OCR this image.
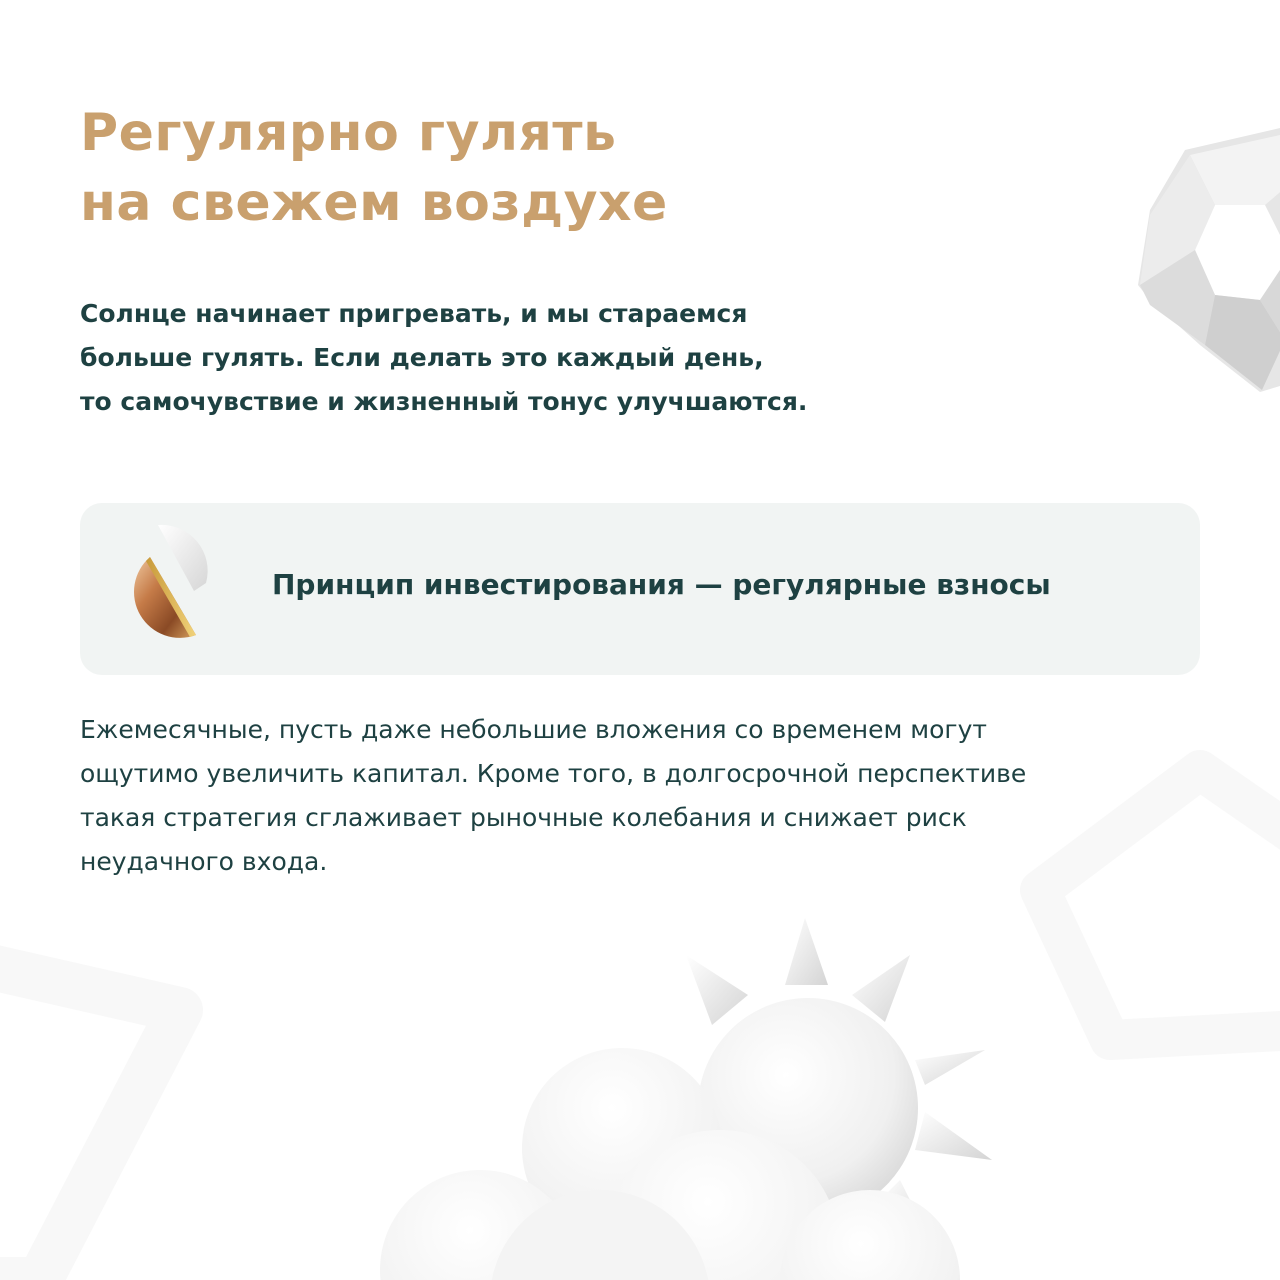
Регулярно гулять
на свежем воздухе

Солнце начинает пригревать, и мы стараемся
больше гулять. Если делать это каждый день,
то самочувствие и жизненный тонус улучшаются.

Принцип инвестирования — регулярные взносы

Ежемесячные, пусть даже небольшие вложения со временем могут
ощутимо увеличить капитал. Кроме того, в долгосрочной перспективе
такая стратегия сглаживает рыночные колебания и снижает риск
неудачного входа.
